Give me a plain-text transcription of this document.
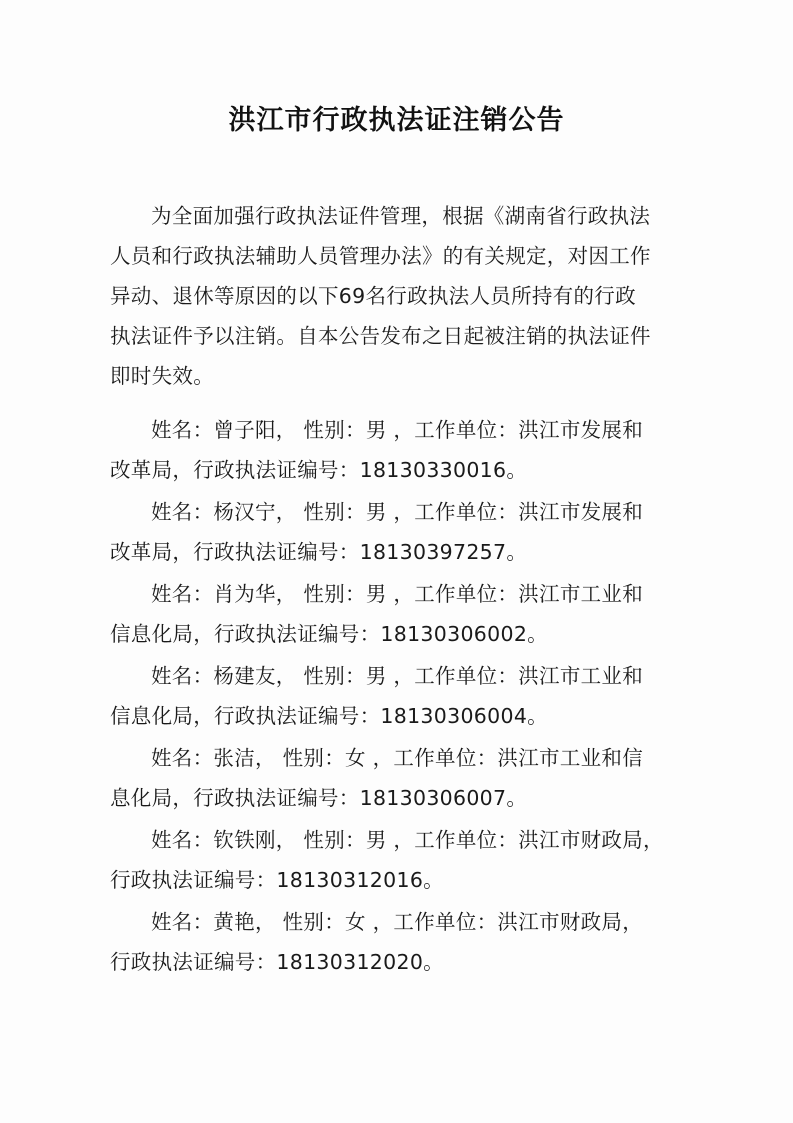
洪江市行政执法证注销公告
为全面加强行政执法证件管理，根据《湖南省行政执法
人员和行政执法辅助人员管理办法》的有关规定，对因工作
异动、退休等原因的以下69名行政执法人员所持有的行政
执法证件予以注销。自本公告发布之日起被注销的执法证件
即时失效。
姓名：曾子阳， 性别：男 ，工作单位：洪江市发展和
改革局，行政执法证编号：18130330016。
姓名：杨汉宁， 性别：男 ，工作单位：洪江市发展和
改革局，行政执法证编号：18130397257。
姓名：肖为华， 性别：男 ，工作单位：洪江市工业和
信息化局，行政执法证编号：18130306002。
姓名：杨建友， 性别：男 ，工作单位：洪江市工业和
信息化局，行政执法证编号：18130306004。
姓名：张洁， 性别：女 ，工作单位：洪江市工业和信
息化局，行政执法证编号：18130306007。
姓名：钦铁刚， 性别：男 ，工作单位：洪江市财政局，
行政执法证编号：18130312016。
姓名：黄艳， 性别：女 ，工作单位：洪江市财政局，
行政执法证编号：18130312020。
